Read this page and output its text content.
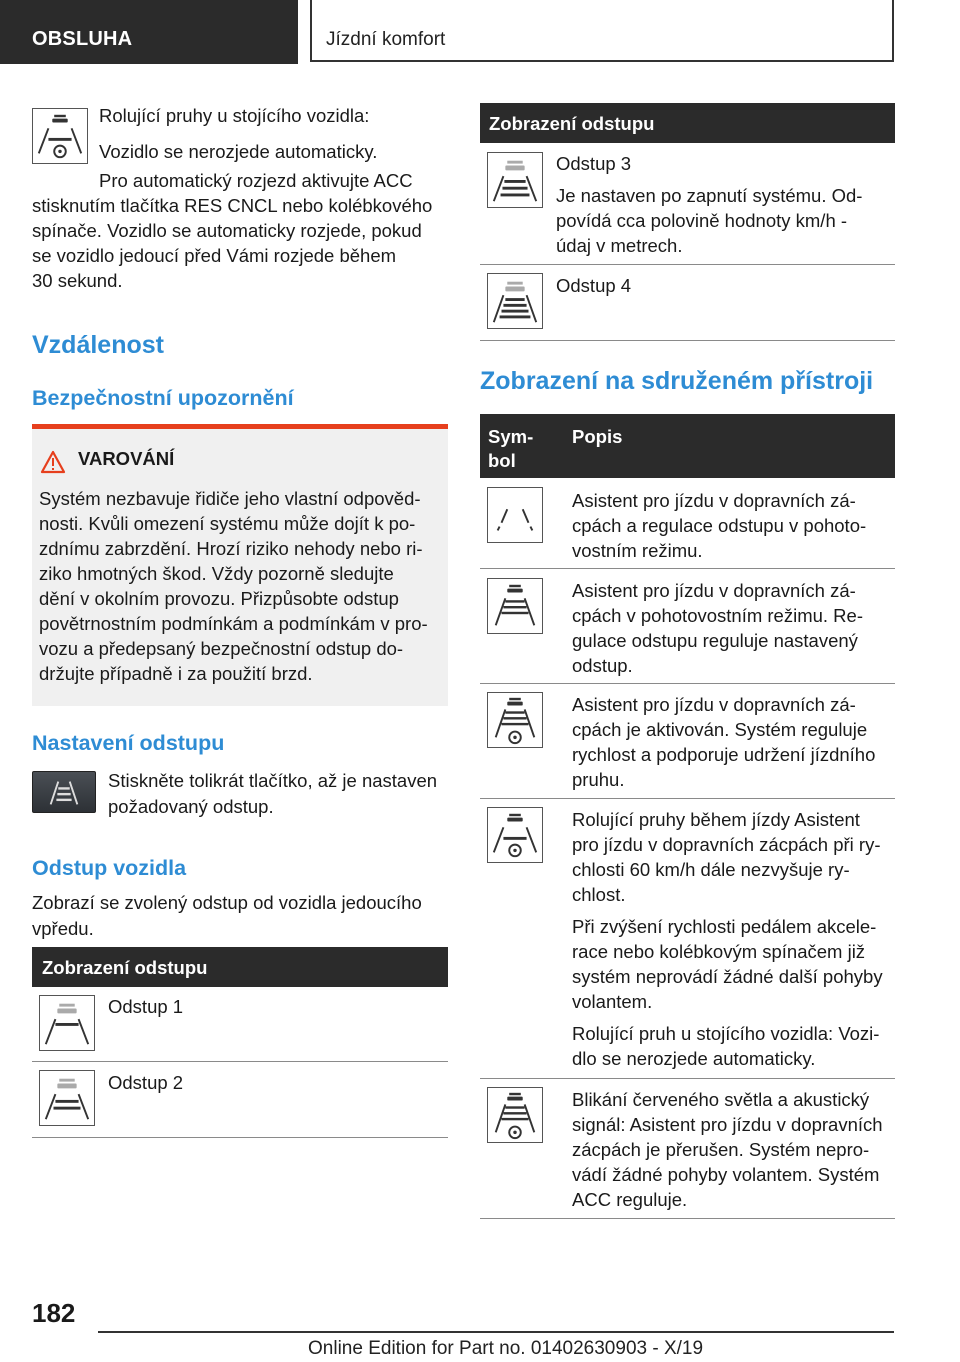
OBSLUHA	Jízdní komfort
Rolující pruhy u stojícího vozidla:
Vozidlo se nerozjede automaticky.
Pro automatický rozjezd aktivujte ACC
stisknutím tlačítka RES CNCL nebo kolébkového
spínače. Vozidlo se automaticky rozjede, pokud
se vozidlo jedoucí před Vámi rozjede během
30 sekund.
Vzdálenost
Bezpečnostní upozornění
VAROVÁNÍ

Systém nezbavuje řidiče jeho vlastní odpověd-

nosti. Kvůli omezení systému může dojít k po-

zdnímu zabrzdění. Hrozí riziko nehody nebo ri-

ziko hmotných škod. Vždy pozorně sledujte

dění v okolním provozu. Přizpůsobte odstup

povětrnostním podmínkám a podmínkám v pro-

vozu a předepsaný bezpečnostní odstup do-

držujte případně i za použití brzd.

Nastavení odstupu
Stiskněte tolikrát tlačítko, až je nastaven
požadovaný odstup.
Odstup vozidla
Zobrazí se zvolený odstup od vozidla jedoucího
vpředu.
Zobrazení odstupu
Odstup 1
Odstup 2
Zobrazení odstupu
Odstup 3
Je nastaven po zapnutí systému. Od-
povídá cca polovině hodnoty km/h -
údaj v metrech.
Odstup 4
Zobrazení na sdruženém přístroji
Sym-
bol
Popis
Asistent pro jízdu v dopravních zá-
cpách a regulace odstupu v pohoto-
vostním režimu.
Asistent pro jízdu v dopravních zá-
cpách v pohotovostním režimu. Re-
gulace odstupu reguluje nastavený
odstup.
Asistent pro jízdu v dopravních zá-
cpách je aktivován. Systém reguluje
rychlost a podporuje udržení jízdního
pruhu.
Rolující pruhy během jízdy Asistent
pro jízdu v dopravních zácpách při ry-
chlosti 60 km/h dále nezvyšuje ry-
chlost.
Při zvýšení rychlosti pedálem akcele-
race nebo kolébkovým spínačem již
systém neprovádí žádné další pohyby
volantem.
Rolující pruh u stojícího vozidla: Vozi-
dlo se nerozjede automaticky.
Blikání červeného světla a akustický
signál: Asistent pro jízdu v dopravních
zácpách je přerušen. Systém nepro-
vádí žádné pohyby volantem. Systém
ACC reguluje.
182
Online Edition for Part no. 01402630903 - X/19
